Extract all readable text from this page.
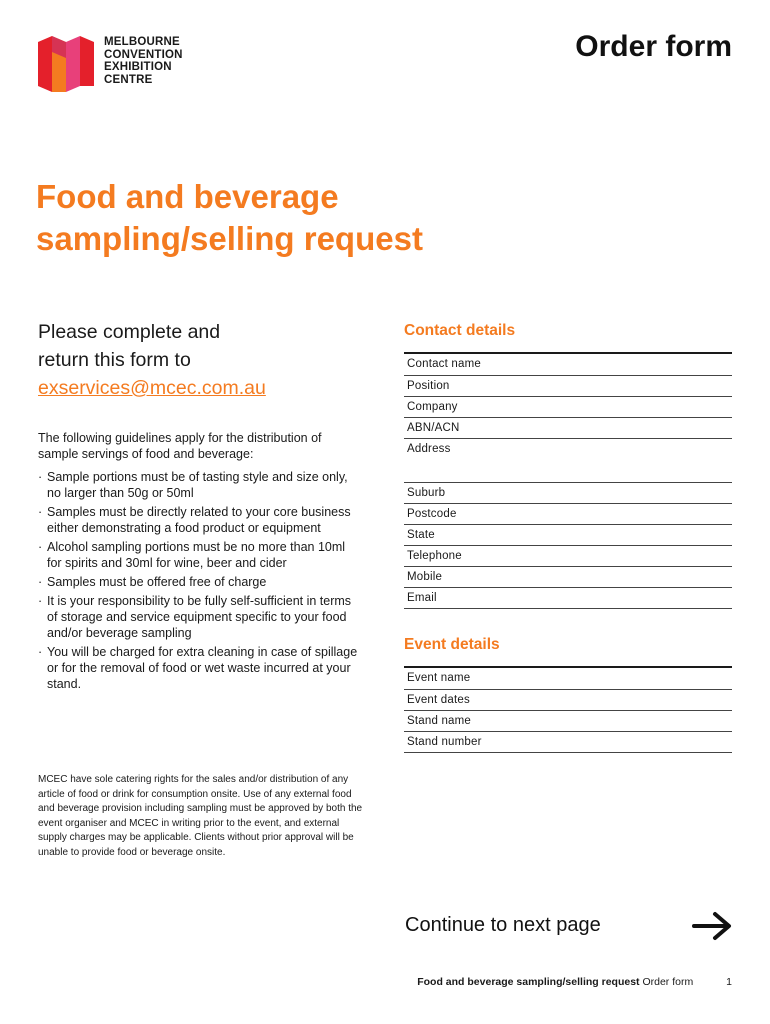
MELBOURNE
CONVENTION
EXHIBITION
CENTRE
Order form
Food and beverage
sampling/selling request
Please complete and
return this form to
exservices@mcec.com.au

The following guidelines apply for the distribution of sample servings of food and beverage:

· Sample portions must be of tasting style and size only, no larger than 50g or 50ml
· Samples must be directly related to your core business either demonstrating a food product or equipment
· Alcohol sampling portions must be no more than 10ml for spirits and 30ml for wine, beer and cider
· Samples must be offered free of charge
· It is your responsibility to be fully self-sufficient in terms of storage and service equipment specific to your food and/or beverage sampling
· You will be charged for extra cleaning in case of spillage or for the removal of food or wet waste incurred at your stand.
MCEC have sole catering rights for the sales and/or distribution of any article of food or drink for consumption onsite. Use of any external food and beverage provision including sampling must be approved by both the event organiser and MCEC in writing prior to the event, and external supply charges may be applicable. Clients without prior approval will be unable to provide food or beverage onsite.
Contact details
Contact name
Position
Company
ABN/ACN
Address
Suburb
Postcode
State
Telephone
Mobile
Email
Event details
Event name
Event dates
Stand name
Stand number
Continue to next page
Food and beverage sampling/selling request Order form	1
